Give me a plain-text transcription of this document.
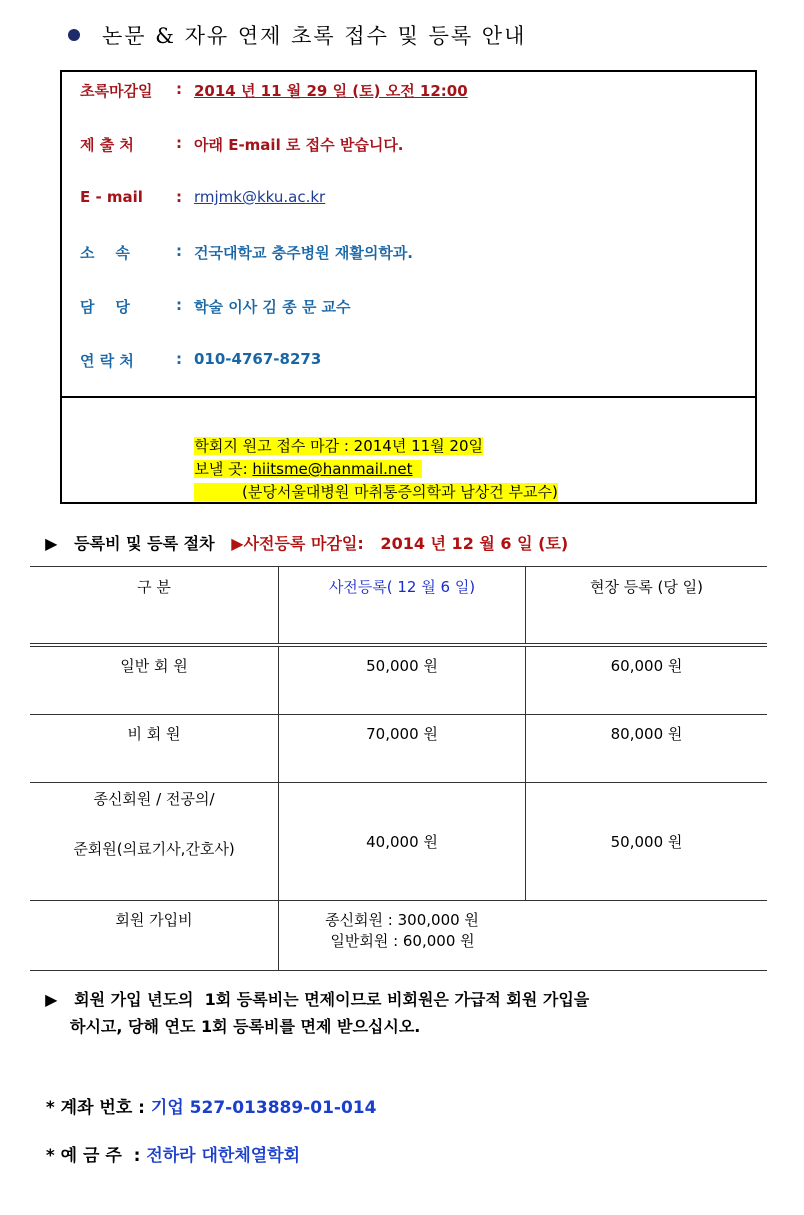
논문 & 자유 연제 초록 접수 및 등록 안내
초록마감일	: 2014 년 11 월 29 일 (토) 오전 12:00
제 출 처	: 아래 E-mail 로 접수 받습니다.
E - mail	: rmjmk@kku.ac.kr
소    속	: 건국대학교 충주병원 재활의학과.
담    당	: 학술 이사 김 종 문 교수
연 락 처	: 010-4767-8273

학회지 원고 접수 마감 : 2014년 11월 20일

보낼 곳: hiitsme@hanmail.net

(분당서울대병원 마취통증의학과 남상건 부교수)

▶ 등록비 및 등록 절차 ▶사전등록 마감일:   2014 년 12 월 6 일 (토)

구 분	사전등록( 12 월 6 일)	현장 등록 (당 일)
일반 회 원	50,000 원	60,000 원
비 회 원	70,000 원	80,000 원

종신회원 / 전공의/
준회원(의료기사,간호사)	40,000 원	50,000 원
회원 가입비	종신회원 : 300,000 원일반회원 : 60,000 원	

▶ 회원 가입 년도의  1회 등록비는 면제이므로 비회원은 가급적 회원 가입을

하시고, 당해 연도 1회 등록비를 면제 받으십시오.

* 계좌 번호 : 기업 527-013889-01-014

* 예 금 주  : 전하라 대한체열학회
